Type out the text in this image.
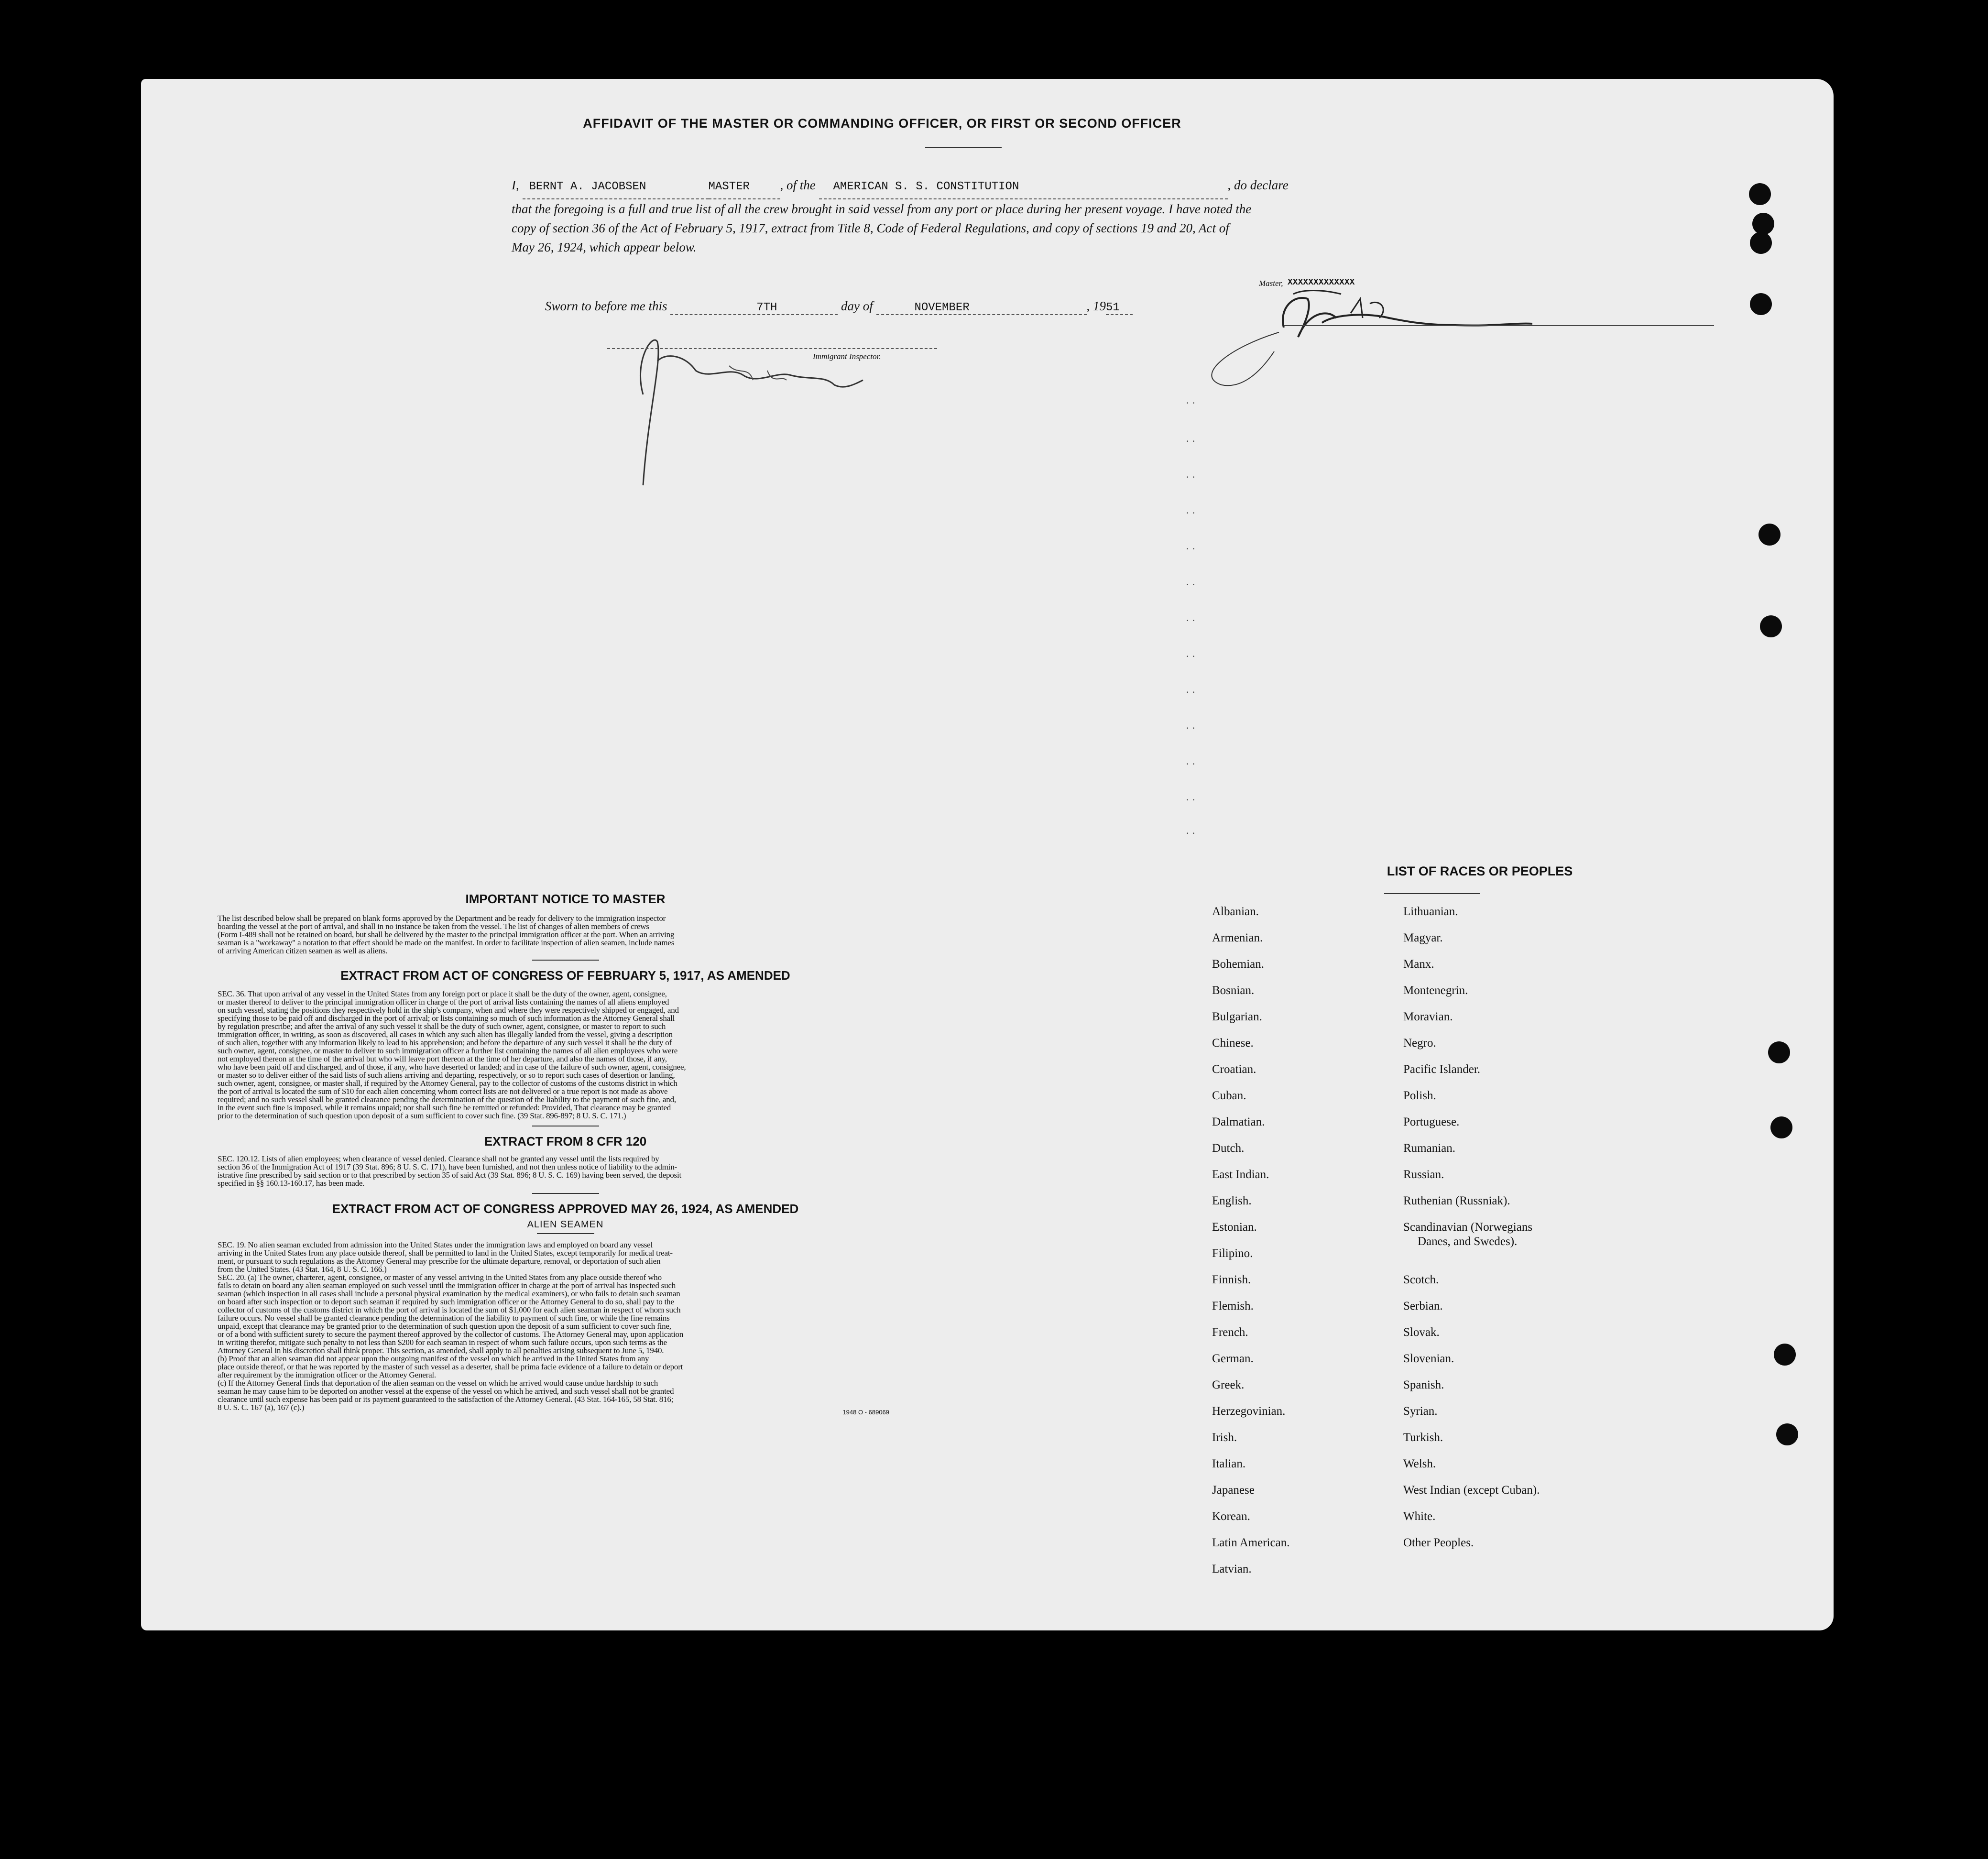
AFFIDAVIT OF THE MASTER OR COMMANDING OFFICER, OR FIRST OR SECOND OFFICER
I, BERNT A. JACOBSEN	MASTER , of the AMERICAN S. S. CONSTITUTION	, do declare
that the foregoing is a full and true list of all the crew brought in said vessel from any port or place during her present voyage. I have noted the
copy of section 36 of the Act of February 5, 1917, extract from Title 8, Code of Federal Regulations, and copy of sections 19 and 20, Act of
May 26, 1924, which appear below.
Master, XXXXXXXXXXXXX
Sworn to before me this	7TH	day of	NOVEMBER	, 1951
Immigrant Inspector.
· ·
· ·
· ·
· ·
· ·
· ·
· ·
· ·
· ·
· ·
· ·
· ·
· ·
IMPORTANT NOTICE TO MASTER
The list described below shall be prepared on blank forms approved by the Department and be ready for delivery to the immigration inspector
boarding the vessel at the port of arrival, and shall in no instance be taken from the vessel. The list of changes of alien members of crews
(Form I-489 shall not be retained on board, but shall be delivered by the master to the principal immigration officer at the port. When an arriving
seaman is a "workaway" a notation to that effect should be made on the manifest. In order to facilitate inspection of alien seamen, include names
of arriving American citizen seamen as well as aliens.
EXTRACT FROM ACT OF CONGRESS OF FEBRUARY 5, 1917, AS AMENDED
SEC. 36. That upon arrival of any vessel in the United States from any foreign port or place it shall be the duty of the owner, agent, consignee,
or master thereof to deliver to the principal immigration officer in charge of the port of arrival lists containing the names of all aliens employed
on such vessel, stating the positions they respectively hold in the ship's company, when and where they were respectively shipped or engaged, and
specifying those to be paid off and discharged in the port of arrival; or lists containing so much of such information as the Attorney General shall
by regulation prescribe; and after the arrival of any such vessel it shall be the duty of such owner, agent, consignee, or master to report to such
immigration officer, in writing, as soon as discovered, all cases in which any such alien has illegally landed from the vessel, giving a description
of such alien, together with any information likely to lead to his apprehension; and before the departure of any such vessel it shall be the duty of
such owner, agent, consignee, or master to deliver to such immigration officer a further list containing the names of all alien employees who were
not employed thereon at the time of the arrival but who will leave port thereon at the time of her departure, and also the names of those, if any,
who have been paid off and discharged, and of those, if any, who have deserted or landed; and in case of the failure of such owner, agent, consignee,
or master so to deliver either of the said lists of such aliens arriving and departing, respectively, or so to report such cases of desertion or landing,
such owner, agent, consignee, or master shall, if required by the Attorney General, pay to the collector of customs of the customs district in which
the port of arrival is located the sum of $10 for each alien concerning whom correct lists are not delivered or a true report is not made as above
required; and no such vessel shall be granted clearance pending the determination of the question of the liability to the payment of such fine, and,
in the event such fine is imposed, while it remains unpaid; nor shall such fine be remitted or refunded: Provided, That clearance may be granted
prior to the determination of such question upon deposit of a sum sufficient to cover such fine. (39 Stat. 896-897; 8 U. S. C. 171.)
EXTRACT FROM 8 CFR 120
SEC. 120.12. Lists of alien employees; when clearance of vessel denied. Clearance shall not be granted any vessel until the lists required by
section 36 of the Immigration Act of 1917 (39 Stat. 896; 8 U. S. C. 171), have been furnished, and not then unless notice of liability to the admin-
istrative fine prescribed by said section or to that prescribed by section 35 of said Act (39 Stat. 896; 8 U. S. C. 169) having been served, the deposit
specified in §§ 160.13-160.17, has been made.
EXTRACT FROM ACT OF CONGRESS APPROVED MAY 26, 1924, AS AMENDED
ALIEN SEAMEN
SEC. 19. No alien seaman excluded from admission into the United States under the immigration laws and employed on board any vessel
arriving in the United States from any place outside thereof, shall be permitted to land in the United States, except temporarily for medical treat-
ment, or pursuant to such regulations as the Attorney General may prescribe for the ultimate departure, removal, or deportation of such alien
from the United States. (43 Stat. 164, 8 U. S. C. 166.)
SEC. 20. (a) The owner, charterer, agent, consignee, or master of any vessel arriving in the United States from any place outside thereof who
fails to detain on board any alien seaman employed on such vessel until the immigration officer in charge at the port of arrival has inspected such
seaman (which inspection in all cases shall include a personal physical examination by the medical examiners), or who fails to detain such seaman
on board after such inspection or to deport such seaman if required by such immigration officer or the Attorney General to do so, shall pay to the
collector of customs of the customs district in which the port of arrival is located the sum of $1,000 for each alien seaman in respect of whom such
failure occurs. No vessel shall be granted clearance pending the determination of the liability to payment of such fine, or while the fine remains
unpaid, except that clearance may be granted prior to the determination of such question upon the deposit of a sum sufficient to cover such fine,
or of a bond with sufficient surety to secure the payment thereof approved by the collector of customs. The Attorney General may, upon application
in writing therefor, mitigate such penalty to not less than $200 for each seaman in respect of whom such failure occurs, upon such terms as the
Attorney General in his discretion shall think proper. This section, as amended, shall apply to all penalties arising subsequent to June 5, 1940.
(b) Proof that an alien seaman did not appear upon the outgoing manifest of the vessel on which he arrived in the United States from any
place outside thereof, or that he was reported by the master of such vessel as a deserter, shall be prima facie evidence of a failure to detain or deport
after requirement by the immigration officer or the Attorney General.
(c) If the Attorney General finds that deportation of the alien seaman on the vessel on which he arrived would cause undue hardship to such
seaman he may cause him to be deported on another vessel at the expense of the vessel on which he arrived, and such vessel shall not be granted
clearance until such expense has been paid or its payment guaranteed to the satisfaction of the Attorney General. (43 Stat. 164-165, 58 Stat. 816;
8 U. S. C. 167 (a), 167 (c).)
1948 O - 689069
LIST OF RACES OR PEOPLES
Albanian.
Armenian.
Bohemian.
Bosnian.
Bulgarian.
Chinese.
Croatian.
Cuban.
Dalmatian.
Dutch.
East Indian.
English.
Estonian.
Filipino.
Finnish.
Flemish.
French.
German.
Greek.
Herzegovinian.
Irish.
Italian.
Japanese
Korean.
Latin American.
Latvian.
Lithuanian.
Magyar.
Manx.
Montenegrin.
Moravian.
Negro.
Pacific Islander.
Polish.
Portuguese.
Rumanian.
Russian.
Ruthenian (Russniak).
Scandinavian (Norwegians
Danes, and Swedes).
Scotch.
Serbian.
Slovak.
Slovenian.
Spanish.
Syrian.
Turkish.
Welsh.
West Indian (except Cuban).
White.
Other Peoples.
